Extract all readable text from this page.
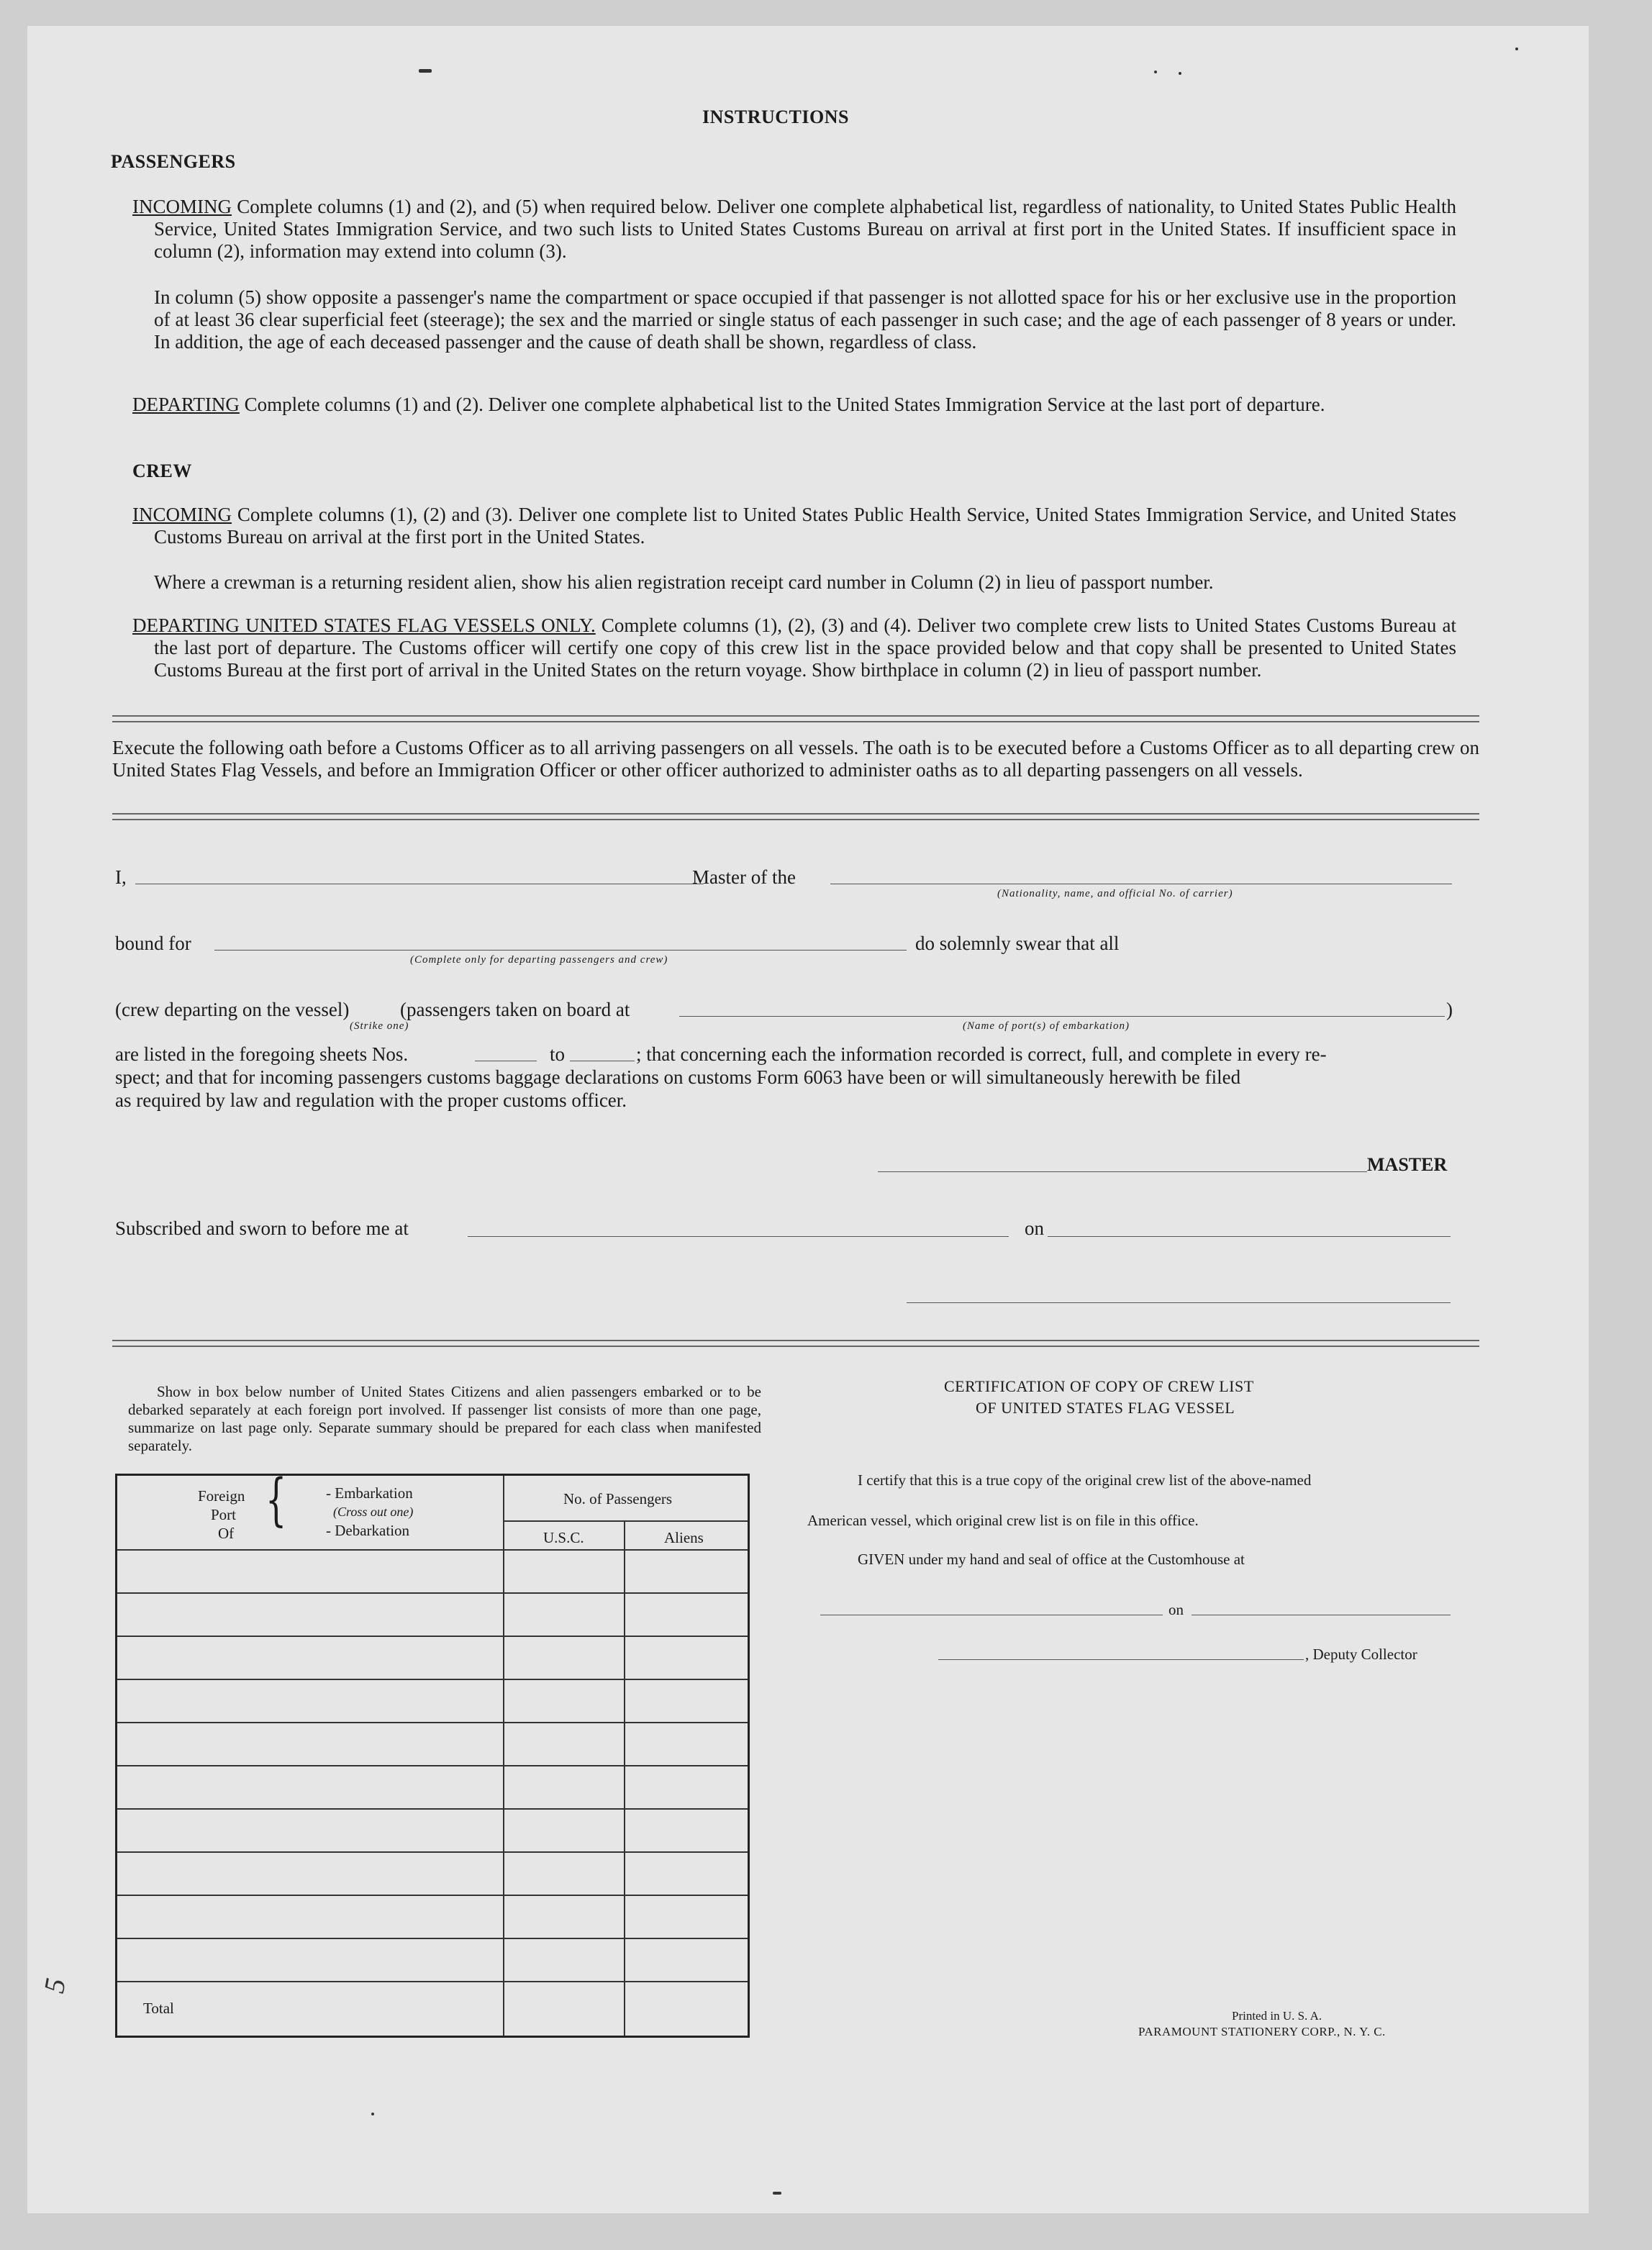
INSTRUCTIONS
PASSENGERS
INCOMING Complete columns (1) and (2), and (5) when required below. Deliver one complete alphabetical list, regardless of nationality, to United States Public Health Service, United States Immigration Service, and two such lists to United States Customs Bureau on arrival at first port in the United States. If insufficient space in column (2), information may extend into column (3).
In column (5) show opposite a passenger's name the compartment or space occupied if that passenger is not allotted space for his or her exclusive use in the proportion of at least 36 clear superficial feet (steerage); the sex and the married or single status of each passenger in such case; and the age of each passenger of 8 years or under. In addition, the age of each deceased passenger and the cause of death shall be shown, regardless of class.
DEPARTING Complete columns (1) and (2). Deliver one complete alphabetical list to the United States Immigration Service at the last port of departure.
CREW
INCOMING Complete columns (1), (2) and (3). Deliver one complete list to United States Public Health Service, United States Immigration Service, and United States Customs Bureau on arrival at the first port in the United States.
Where a crewman is a returning resident alien, show his alien registration receipt card number in Column (2) in lieu of passport number.
DEPARTING UNITED STATES FLAG VESSELS ONLY. Complete columns (1), (2), (3) and (4). Deliver two complete crew lists to United States Customs Bureau at the last port of departure. The Customs officer will certify one copy of this crew list in the space provided below and that copy shall be presented to United States Customs Bureau at the first port of arrival in the United States on the return voyage. Show birthplace in column (2) in lieu of passport number.
Execute the following oath before a Customs Officer as to all arriving passengers on all vessels. The oath is to be executed before a Customs Officer as to all departing crew on United States Flag Vessels, and before an Immigration Officer or other officer authorized to administer oaths as to all departing passengers on all vessels.
I,	Master of the
(Nationality, name, and official No. of carrier)
bound for
(Complete only for departing passengers and crew)
do solemnly swear that all
(crew departing on the vessel)	(passengers taken on board at	)
(Strike one)	(Name of port(s) of embarkation)
are listed in the foregoing sheets Nos.	to	; that concerning each the information recorded is correct, full, and complete in every re-
spect; and that for incoming passengers customs baggage declarations on customs Form 6063 have been or will simultaneously herewith be filed
as required by law and regulation with the proper customs officer.
MASTER
Subscribed and sworn to before me at	on
Show in box below number of United States Citizens and alien passengers embarked or to be debarked separately at each foreign port involved. If passenger list consists of more than one page, summarize on last page only. Separate summary should be prepared for each class when manifested separately.
Foreign
Port
Of
{	- Embarkation
(Cross out one)
- Debarkation
No. of Passengers
U.S.C.	Aliens
Total
CERTIFICATION OF COPY OF CREW LIST
OF UNITED STATES FLAG VESSEL
I certify that this is a true copy of the original crew list of the above-named
American vessel, which original crew list is on file in this office.
GIVEN under my hand and seal of office at the Customhouse at
on
, Deputy Collector
Printed in U. S. A.
PARAMOUNT STATIONERY CORP., N. Y. C.
5
